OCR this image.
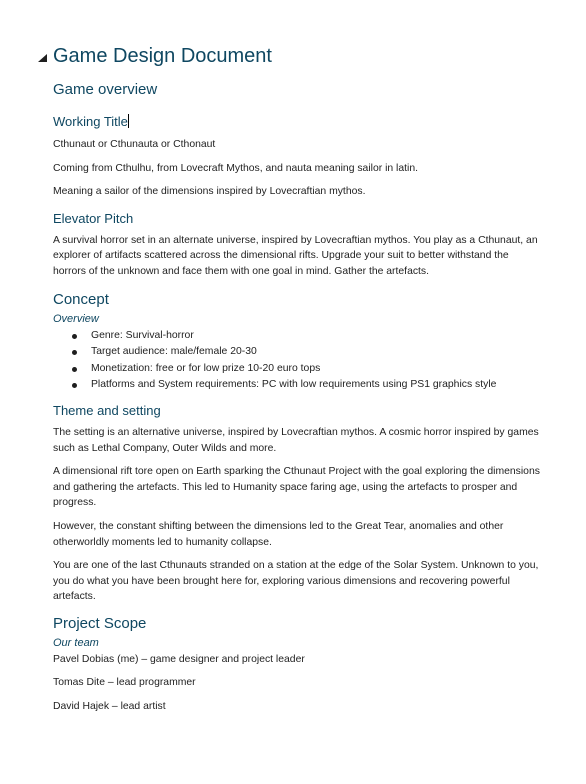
Game Design Document
Game overview
Working Title

Cthunaut or Cthunauta or Cthonaut

Coming from Cthulhu, from Lovecraft Mythos, and nauta meaning sailor in latin.

Meaning a sailor of the dimensions inspired by Lovecraftian mythos.

Elevator Pitch

A survival horror set in an alternate universe, inspired by Lovecraftian mythos. You play as a Cthunaut, an explorer of artifacts scattered across the dimensional rifts. Upgrade your suit to better withstand the horrors of the unknown and face them with one goal in mind. Gather the artefacts.

Concept
Overview
Genre: Survival-horror
Target audience: male/female 20-30
Monetization: free or for low prize 10-20 euro tops
Platforms and System requirements: PC with low requirements using PS1 graphics style
Theme and setting

The setting is an alternative universe, inspired by Lovecraftian mythos. A cosmic horror inspired by games such as Lethal Company, Outer Wilds and more.

A dimensional rift tore open on Earth sparking the Cthunaut Project with the goal exploring the dimensions and gathering the artefacts. This led to Humanity space faring age, using the artefacts to prosper and progress.

However, the constant shifting between the dimensions led to the Great Tear, anomalies and other otherworldly moments led to humanity collapse.

You are one of the last Cthunauts stranded on a station at the edge of the Solar System. Unknown to you, you do what you have been brought here for, exploring various dimensions and recovering powerful artefacts.

Project Scope
Our team

Pavel Dobias (me) – game designer and project leader

Tomas Dite – lead programmer

David Hajek – lead artist
